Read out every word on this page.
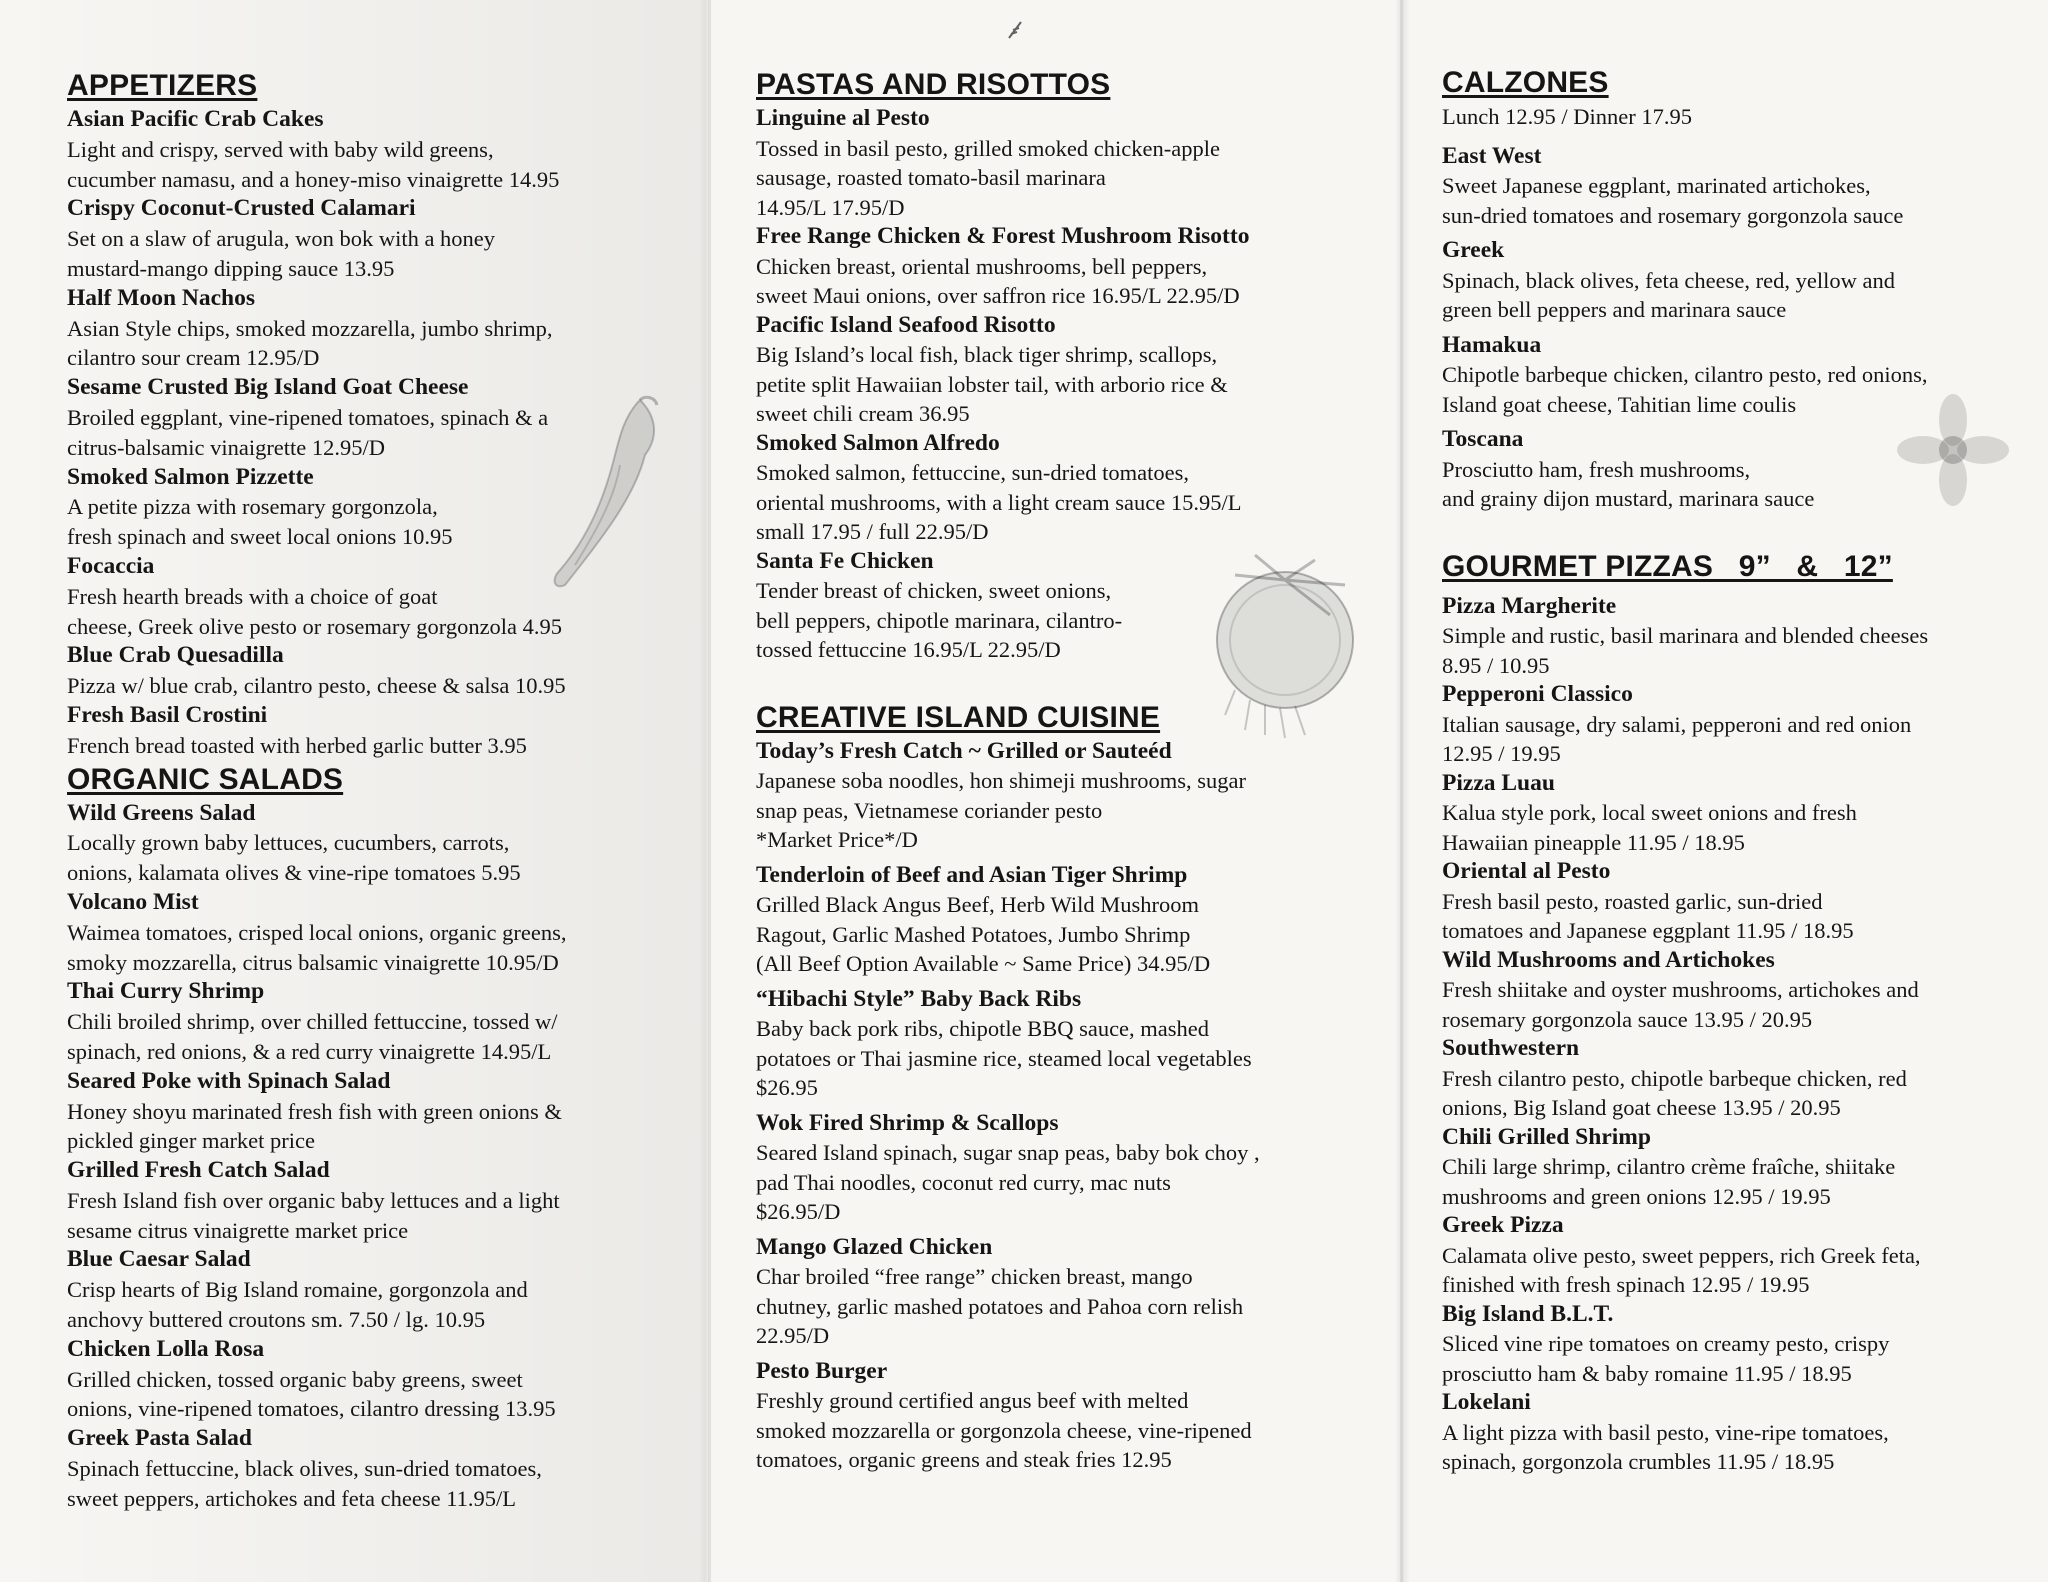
APPETIZERS
Asian Pacific Crab Cakes
Light and crispy, served with baby wild greens,
cucumber namasu, and a honey-miso vinaigrette 14.95
Crispy Coconut-Crusted Calamari
Set on a slaw of arugula, won bok with a honey
mustard-mango dipping sauce 13.95
Half Moon Nachos
Asian Style chips, smoked mozzarella, jumbo shrimp,
cilantro sour cream 12.95/D
Sesame Crusted Big Island Goat Cheese
Broiled eggplant, vine-ripened tomatoes, spinach & a
citrus-balsamic vinaigrette 12.95/D
Smoked Salmon Pizzette
A petite pizza with rosemary gorgonzola,
fresh spinach and sweet local onions 10.95
Focaccia
Fresh hearth breads with a choice of goat
cheese, Greek olive pesto or rosemary gorgonzola 4.95
Blue Crab Quesadilla
Pizza w/ blue crab, cilantro pesto, cheese & salsa 10.95
Fresh Basil Crostini
French bread toasted with herbed garlic butter 3.95
ORGANIC SALADS
Wild Greens Salad
Locally grown baby lettuces, cucumbers, carrots,
onions, kalamata olives & vine-ripe tomatoes 5.95
Volcano Mist
Waimea tomatoes, crisped local onions, organic greens,
smoky mozzarella, citrus balsamic vinaigrette 10.95/D
Thai Curry Shrimp
Chili broiled shrimp, over chilled fettuccine, tossed w/
spinach, red onions, & a red curry vinaigrette 14.95/L
Seared Poke with Spinach Salad
Honey shoyu marinated fresh fish with green onions &
pickled ginger market price
Grilled Fresh Catch Salad
Fresh Island fish over organic baby lettuces and a light
sesame citrus vinaigrette market price
Blue Caesar Salad
Crisp hearts of Big Island romaine, gorgonzola and
anchovy buttered croutons sm. 7.50 / lg. 10.95
Chicken Lolla Rosa
Grilled chicken, tossed organic baby greens, sweet
onions, vine-ripened tomatoes, cilantro dressing 13.95
Greek Pasta Salad
Spinach fettuccine, black olives, sun-dried tomatoes,
sweet peppers, artichokes and feta cheese 11.95/L
PASTAS AND RISOTTOS
Linguine al Pesto
Tossed in basil pesto, grilled smoked chicken-apple
sausage, roasted tomato-basil marinara
14.95/L 17.95/D
Free Range Chicken & Forest Mushroom Risotto
Chicken breast, oriental mushrooms, bell peppers,
sweet Maui onions, over saffron rice 16.95/L 22.95/D
Pacific Island Seafood Risotto
Big Island’s local fish, black tiger shrimp, scallops,
petite split Hawaiian lobster tail, with arborio rice &
sweet chili cream 36.95
Smoked Salmon Alfredo
Smoked salmon, fettuccine, sun-dried tomatoes,
oriental mushrooms, with a light cream sauce 15.95/L
small 17.95 / full 22.95/D
Santa Fe Chicken
Tender breast of chicken, sweet onions,
bell peppers, chipotle marinara, cilantro-
tossed fettuccine 16.95/L 22.95/D
CREATIVE ISLAND CUISINE
Today’s Fresh Catch ~ Grilled or Sauteéd
Japanese soba noodles, hon shimeji mushrooms, sugar
snap peas, Vietnamese coriander pesto
*Market Price*/D
Tenderloin of Beef and Asian Tiger Shrimp
Grilled Black Angus Beef, Herb Wild Mushroom
Ragout, Garlic Mashed Potatoes, Jumbo Shrimp
(All Beef Option Available ~ Same Price) 34.95/D
“Hibachi Style” Baby Back Ribs
Baby back pork ribs, chipotle BBQ sauce, mashed
potatoes or Thai jasmine rice, steamed local vegetables
$26.95
Wok Fired Shrimp & Scallops
Seared Island spinach, sugar snap peas, baby bok choy ,
pad Thai noodles, coconut red curry, mac nuts
$26.95/D
Mango Glazed Chicken
Char broiled “free range” chicken breast, mango
chutney, garlic mashed potatoes and Pahoa corn relish
22.95/D
Pesto Burger
Freshly ground certified angus beef with melted
smoked mozzarella or gorgonzola cheese, vine-ripened
tomatoes, organic greens and steak fries 12.95
CALZONES
Lunch 12.95 / Dinner 17.95
East West
Sweet Japanese eggplant, marinated artichokes,
sun-dried tomatoes and rosemary gorgonzola sauce
Greek
Spinach, black olives, feta cheese, red, yellow and
green bell peppers and marinara sauce
Hamakua
Chipotle barbeque chicken, cilantro pesto, red onions,
Island goat cheese, Tahitian lime coulis
Toscana
Prosciutto ham, fresh mushrooms,
and grainy dijon mustard, marinara sauce
GOURMET PIZZAS   9”   &   12”
Pizza Margherite
Simple and rustic, basil marinara and blended cheeses
8.95 / 10.95
Pepperoni Classico
Italian sausage, dry salami, pepperoni and red onion
12.95 / 19.95
Pizza Luau
Kalua style pork, local sweet onions and fresh
Hawaiian pineapple 11.95 / 18.95
Oriental al Pesto
Fresh basil pesto, roasted garlic, sun-dried
tomatoes and Japanese eggplant 11.95 / 18.95
Wild Mushrooms and Artichokes
Fresh shiitake and oyster mushrooms, artichokes and
rosemary gorgonzola sauce 13.95 / 20.95
Southwestern
Fresh cilantro pesto, chipotle barbeque chicken, red
onions, Big Island goat cheese 13.95 / 20.95
Chili Grilled Shrimp
Chili large shrimp, cilantro crème fraîche, shiitake
mushrooms and green onions 12.95 / 19.95
Greek Pizza
Calamata olive pesto, sweet peppers, rich Greek feta,
finished with fresh spinach 12.95 / 19.95
Big Island B.L.T.
Sliced vine ripe tomatoes on creamy pesto, crispy
prosciutto ham & baby romaine 11.95 / 18.95
Lokelani
A light pizza with basil pesto, vine-ripe tomatoes,
spinach, gorgonzola crumbles 11.95 / 18.95
